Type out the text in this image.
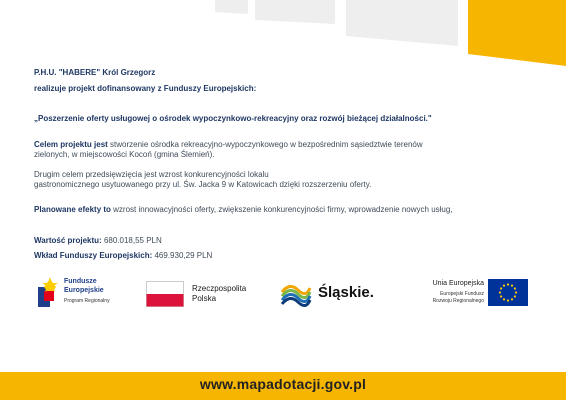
P.H.U. "HABERE" Król Grzegorz
realizuje projekt dofinansowany z Funduszy Europejskich:
„Poszerzenie oferty usługowej o ośrodek wypoczynkowo-rekreacyjny oraz rozwój bieżącej działalności."
Celem projektu jest stworzenie ośrodka rekreacyjno-wypoczynkowego w bezpośrednim sąsiedztwie terenów
zielonych, w miejscowości Kocoń (gmina Ślemień).
Drugim celem przedsięwzięcia jest wzrost konkurencyjności lokalu
gastronomicznego usytuowanego przy ul. Św. Jacka 9 w Katowicach dzięki rozszerzeniu oferty.
Planowane efekty to wzrost innowacyjności oferty, zwiększenie konkurencyjności firmy, wprowadzenie nowych usług,
Wartość projektu: 680.018,55 PLN
Wkład Funduszy Europejskich: 469.930,29 PLN
Fundusze
Europejskie
Program Regionalny
Rzeczpospolita
Polska	Śląskie.
Unia Europejska
Europejski Fundusz
Rozwoju Regionalnego
www.mapadotacji.gov.pl
